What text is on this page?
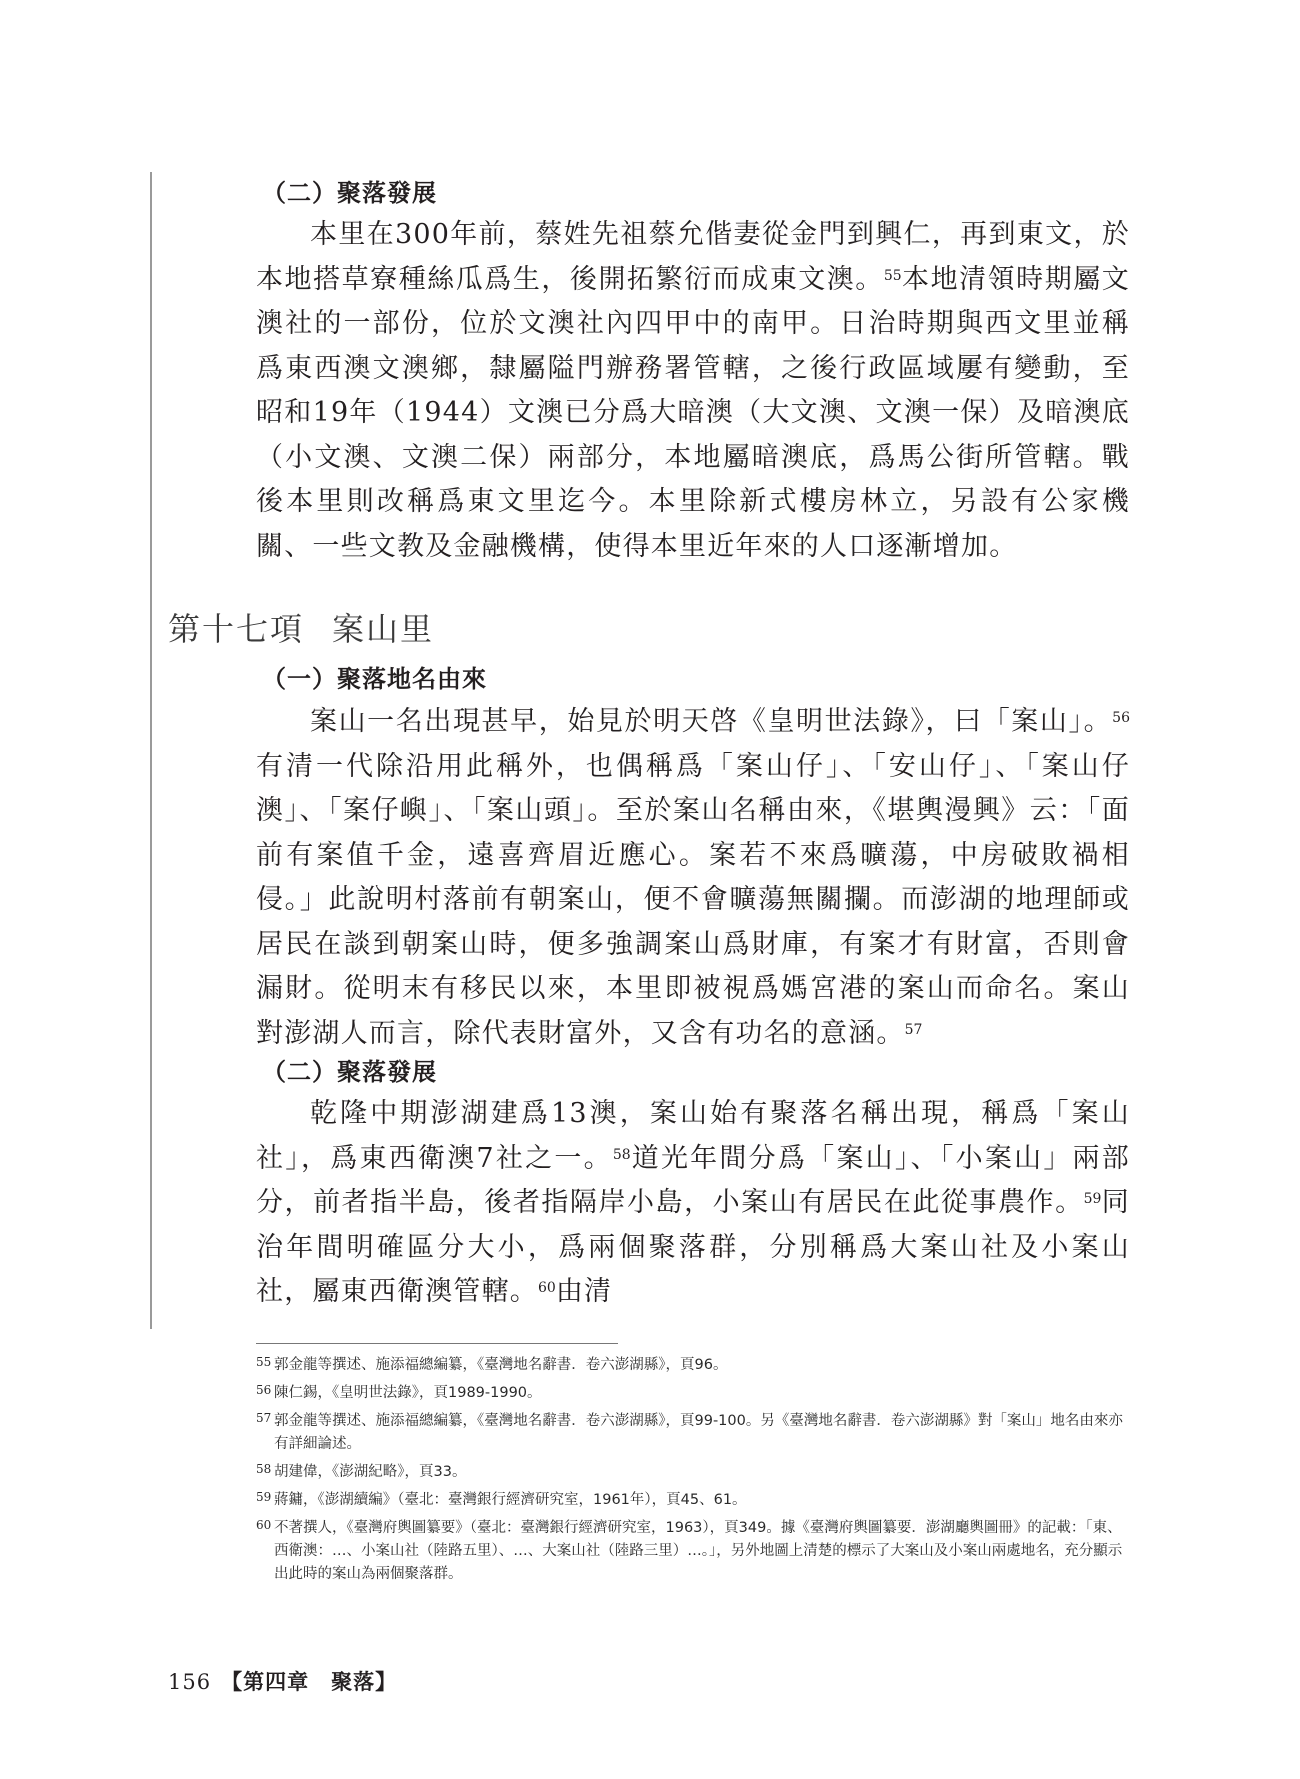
（二）聚落發展

本里在300年前，蔡姓先祖蔡允偕妻從金門到興仁，再到東文，於本地搭草寮種絲瓜爲生，後開拓繁衍而成東文澳。$^{55}$本地清領時期屬文澳社的一部份，位於文澳社內四甲中的南甲。日治時期與西文里並稱爲東西澳文澳鄉，隸屬隘門辦務署管轄，之後行政區域屢有變動，至昭和19年（1944）文澳已分爲大暗澳（大文澳、文澳一保）及暗澳底（小文澳、文澳二保）兩部分，本地屬暗澳底，爲馬公街所管轄。戰後本里則改稱爲東文里迄今。本里除新式樓房林立，另設有公家機關、一些文教及金融機構，使得本里近年來的人口逐漸增加。

第十七項 案山里
（一）聚落地名由來

案山一名出現甚早，始見於明天啓《皇明世法錄》，曰「案山」。$^{56}$有清一代除沿用此稱外，也偶稱爲「案山仔」、「安山仔」、「案山仔澳」、「案仔嶼」、「案山頭」。至於案山名稱由來，《堪輿漫興》云：「面前有案值千金，遠喜齊眉近應心。案若不來爲曠蕩，中房破敗禍相侵。」此說明村落前有朝案山，便不會曠蕩無關攔。而澎湖的地理師或居民在談到朝案山時，便多強調案山爲財庫，有案才有財富，否則會漏財。從明末有移民以來，本里即被視爲媽宮港的案山而命名。案山對澎湖人而言，除代表財富外，又含有功名的意涵。$^{57}$

（二）聚落發展

乾隆中期澎湖建爲13澳，案山始有聚落名稱出現，稱爲「案山社」，爲東西衛澳7社之一。$^{58}$道光年間分爲「案山」、「小案山」兩部分，前者指半島，後者指隔岸小島，小案山有居民在此從事農作。$^{59}$同治年間明確區分大小，爲兩個聚落群，分別稱爲大案山社及小案山社，屬東西衛澳管轄。$^{60}$由清

55 郭金龍等撰述、施添福總編纂，《臺灣地名辭書．卷六澎湖縣》，頁96。
56 陳仁錫，《皇明世法錄》，頁1989-1990。
57 郭金龍等撰述、施添福總編纂，《臺灣地名辭書．卷六澎湖縣》，頁99-100。另《臺灣地名辭書．卷六澎湖縣》對「案山」地名由來亦有詳細論述。
58 胡建偉，《澎湖紀略》，頁33。
59 蔣鏞，《澎湖續編》（臺北：臺灣銀行經濟研究室，1961年），頁45、61。
60 不著撰人，《臺灣府輿圖纂要》（臺北：臺灣銀行經濟研究室，1963），頁349。據《臺灣府輿圖纂要．澎湖廳輿圖冊》的記載：「東、西衛澳：…、小案山社（陸路五里）、…、大案山社（陸路三里）…。」，另外地圖上清楚的標示了大案山及小案山兩處地名，充分顯示出此時的案山為兩個聚落群。
156 【第四章　聚落】
